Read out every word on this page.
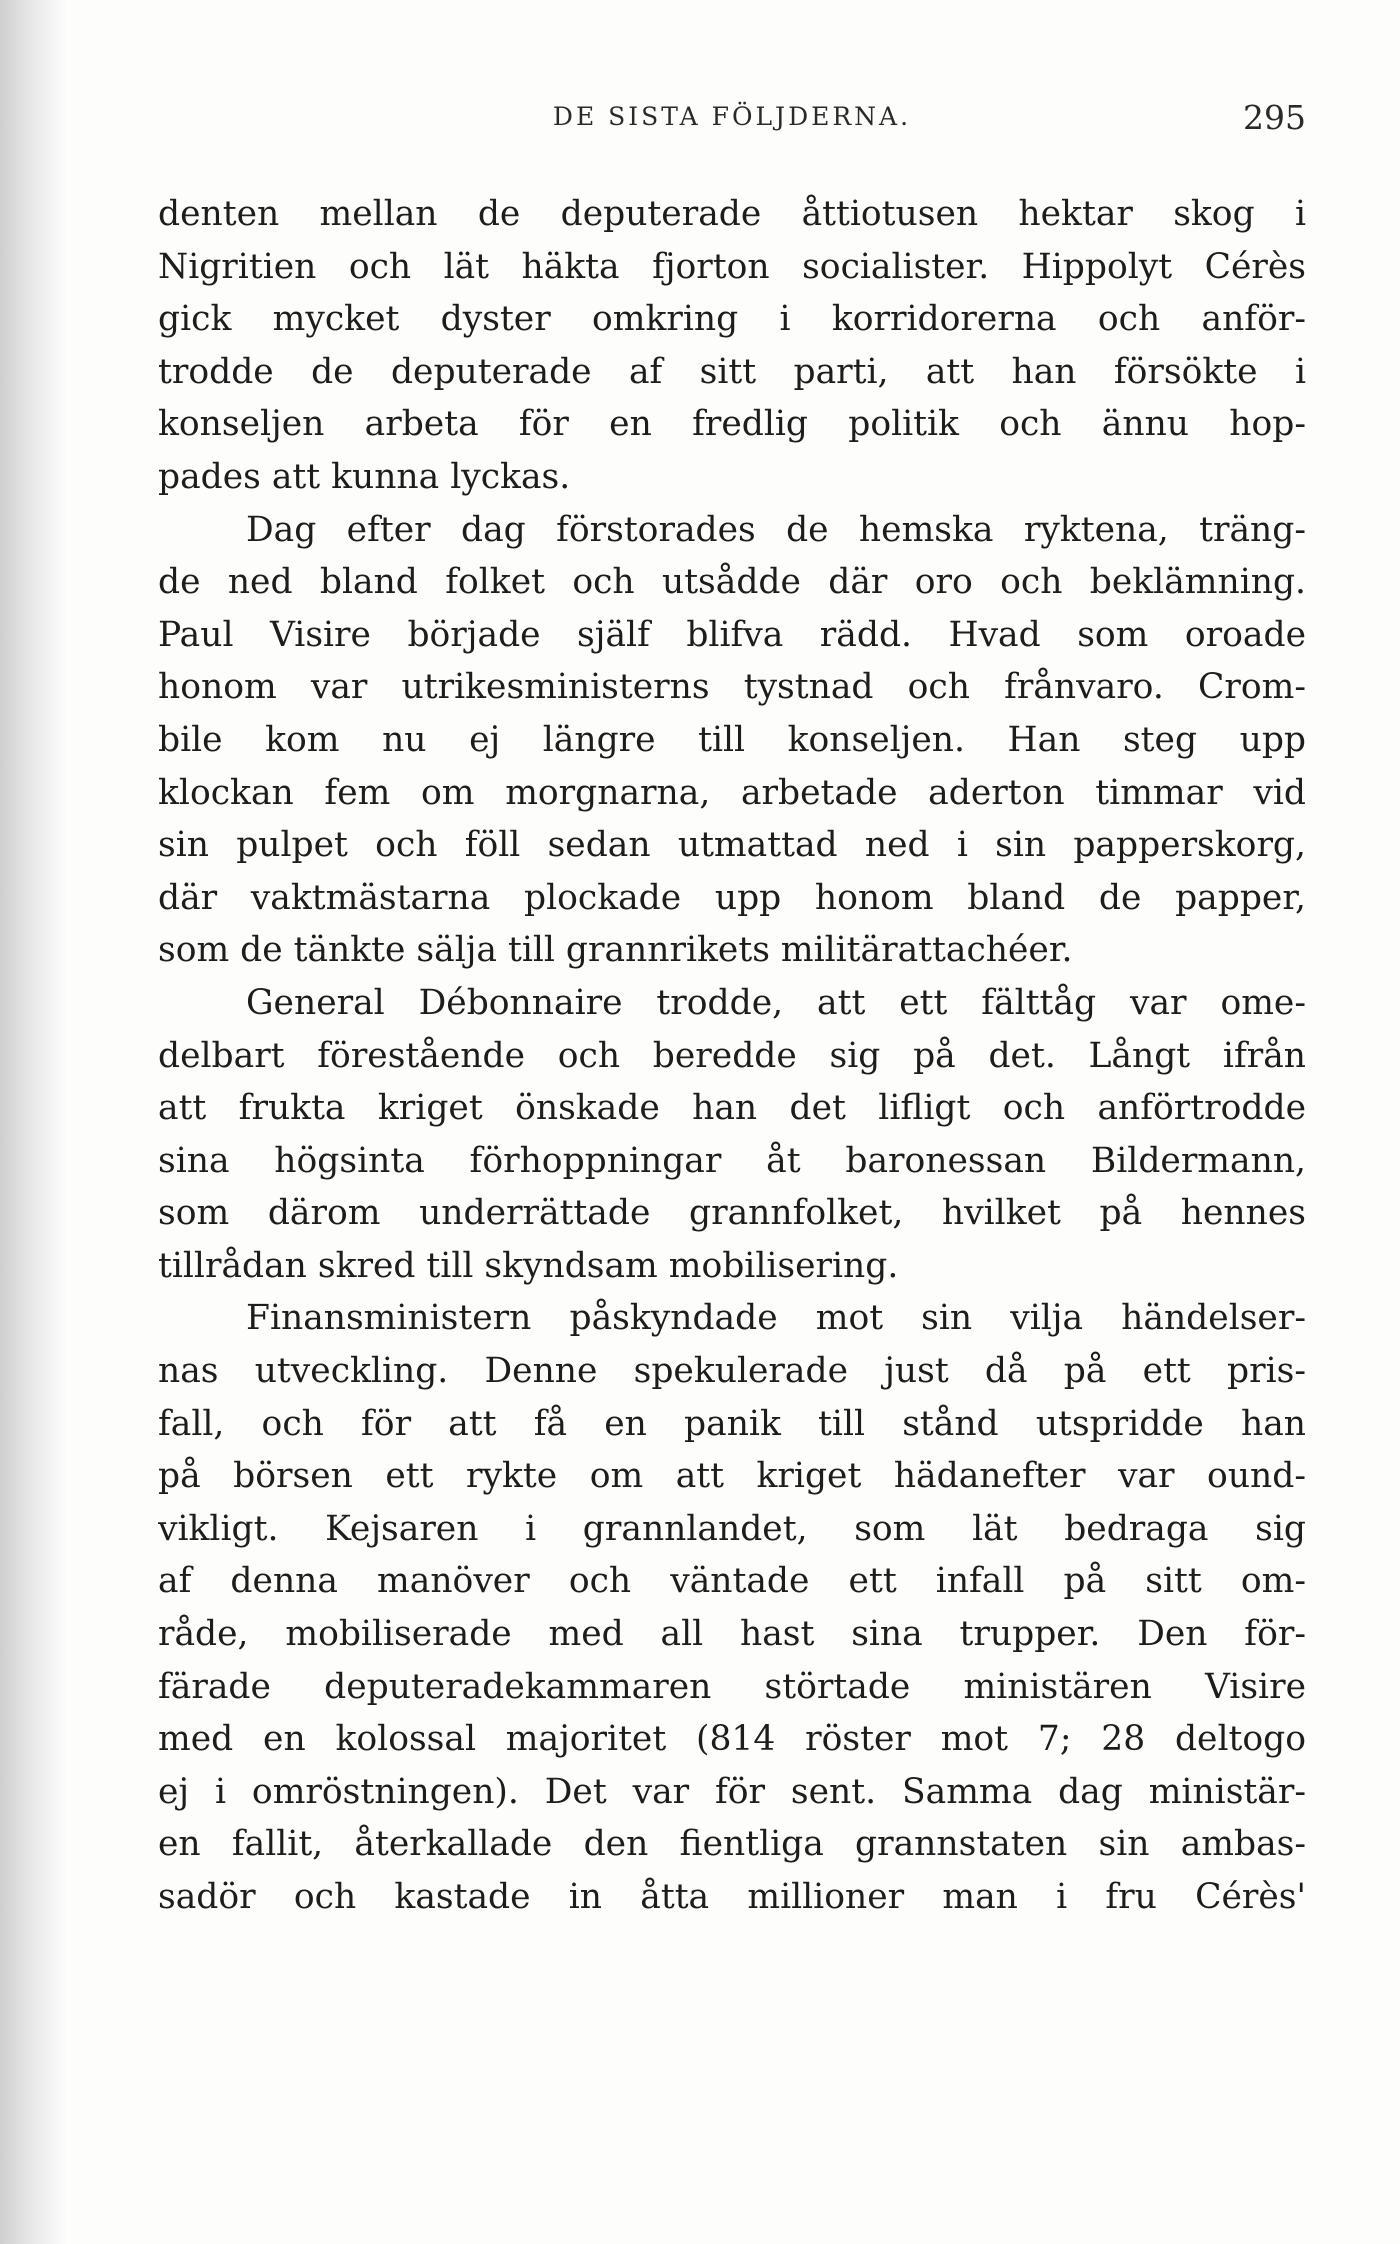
DE SISTA FÖLJDERNA.	295
denten mellan de deputerade åttiotusen hektar skog i
Nigritien och lät häkta fjorton socialister. Hippolyt Cérès
gick mycket dyster omkring i korridorerna och anför-
trodde de deputerade af sitt parti, att han försökte i
konseljen arbeta för en fredlig politik och ännu hop-
pades att kunna lyckas.
Dag efter dag förstorades de hemska ryktena, träng-
de ned bland folket och utsådde där oro och beklämning.
Paul Visire började själf blifva rädd. Hvad som oroade
honom var utrikesministerns tystnad och frånvaro. Crom-
bile kom nu ej längre till konseljen. Han steg upp
klockan fem om morgnarna, arbetade aderton timmar vid
sin pulpet och föll sedan utmattad ned i sin papperskorg,
där vaktmästarna plockade upp honom bland de papper,
som de tänkte sälja till grannrikets militärattachéer.
General Débonnaire trodde, att ett fälttåg var ome-
delbart förestående och beredde sig på det. Långt ifrån
att frukta kriget önskade han det lifligt och anförtrodde
sina högsinta förhoppningar åt baronessan Bildermann,
som därom underrättade grannfolket, hvilket på hennes
tillrådan skred till skyndsam mobilisering.
Finansministern påskyndade mot sin vilja händelser-
nas utveckling. Denne spekulerade just då på ett pris-
fall, och för att få en panik till stånd utspridde han
på börsen ett rykte om att kriget hädanefter var ound-
vikligt. Kejsaren i grannlandet, som lät bedraga sig
af denna manöver och väntade ett infall på sitt om-
råde, mobiliserade med all hast sina trupper. Den för-
färade deputeradekammaren störtade ministären Visire
med en kolossal majoritet (814 röster mot 7; 28 deltogo
ej i omröstningen). Det var för sent. Samma dag ministär-
en fallit, återkallade den fientliga grannstaten sin ambas-
sadör och kastade in åtta millioner man i fru Cérès'
